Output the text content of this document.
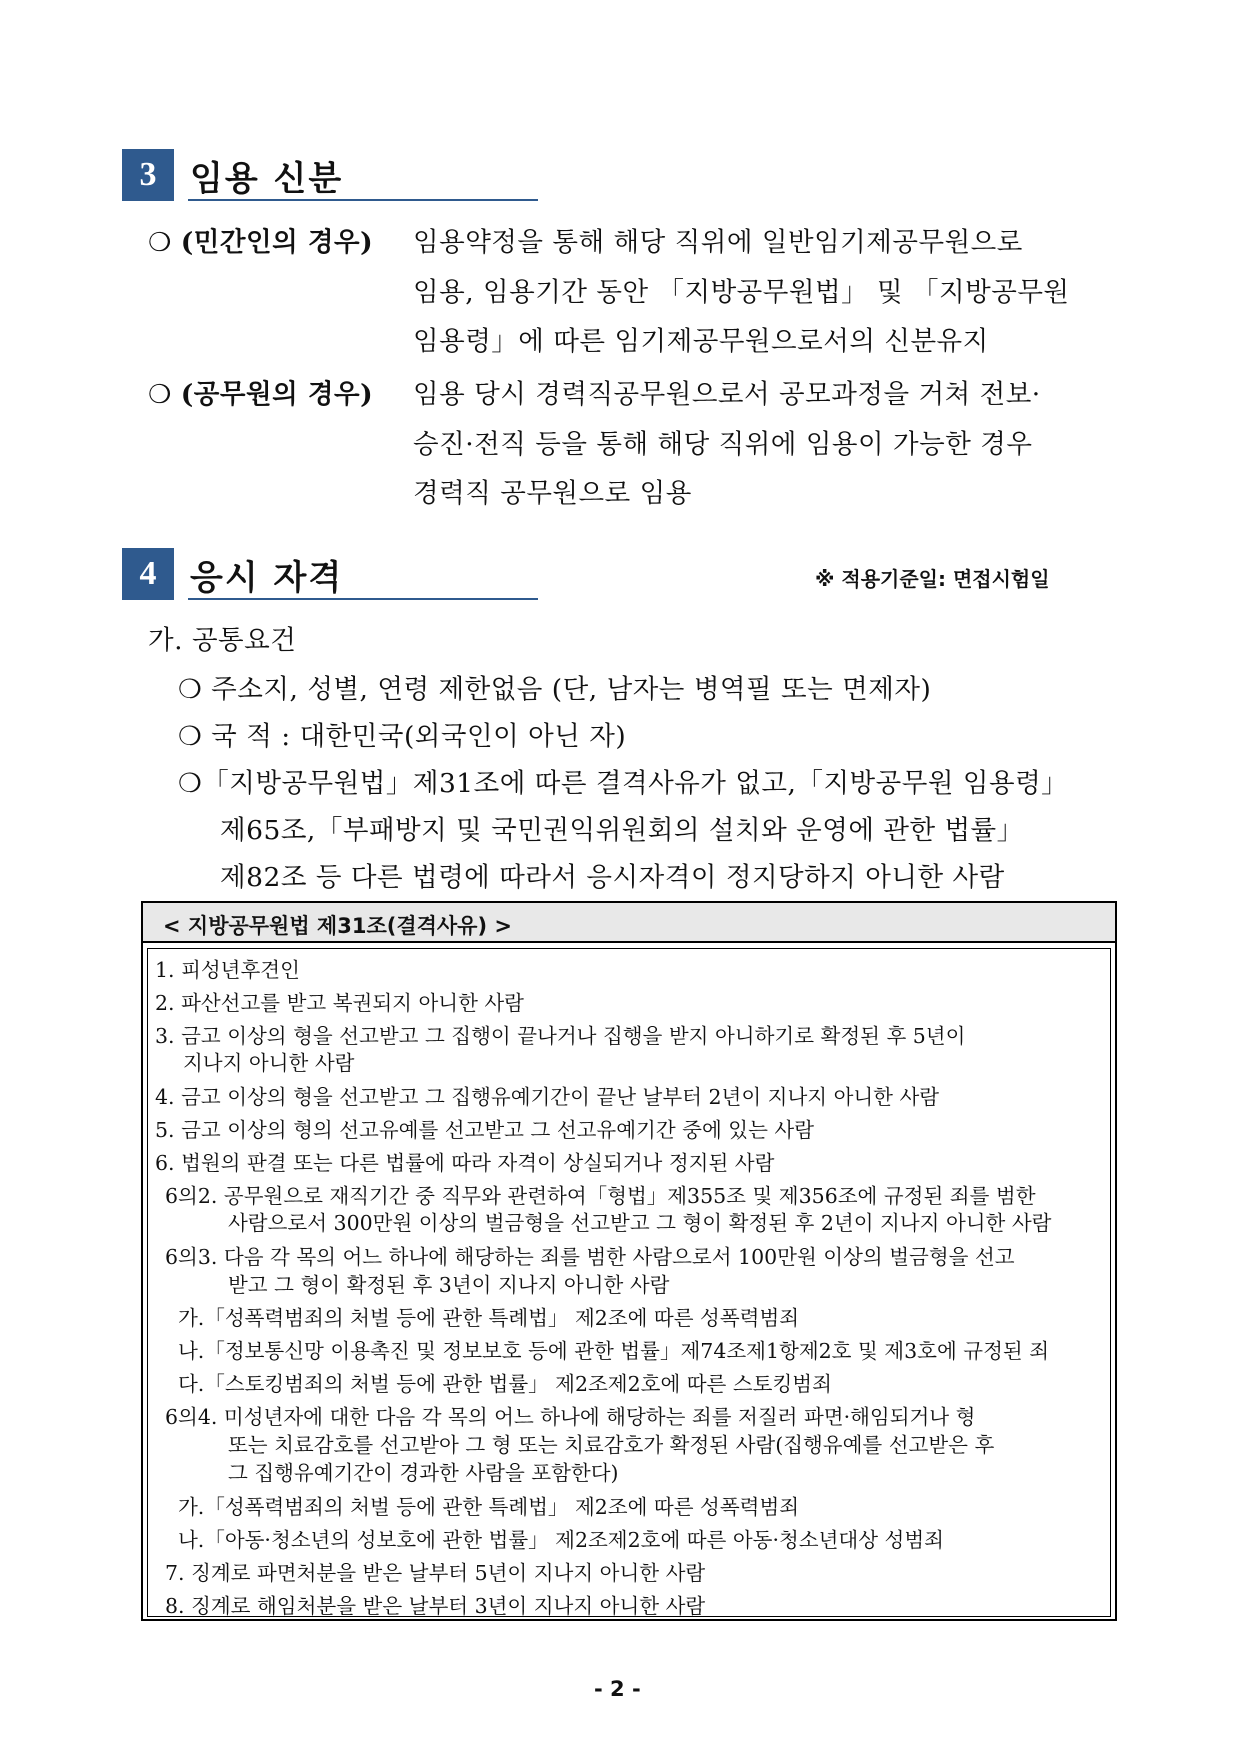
3 임용 신분
❍ (민간인의 경우) 임용약정을 통해 해당 직위에 일반임기제공무원으로
임용, 임용기간 동안 「지방공무원법」 및 「지방공무원
임용령」에 따른 임기제공무원으로서의 신분유지
❍ (공무원의 경우) 임용 당시 경력직공무원으로서 공모과정을 거쳐 전보·
승진·전직 등을 통해 해당 직위에 임용이 가능한 경우
경력직 공무원으로 임용
4 응시 자격	※ 적용기준일: 면접시험일
가. 공통요건
❍ 주소지, 성별, 연령 제한없음 (단, 남자는 병역필 또는 면제자)
❍ 국 적 : 대한민국(외국인이 아닌 자)
❍「지방공무원법」제31조에 따른 결격사유가 없고,「지방공무원 임용령」
제65조,「부패방지 및 국민권익위원회의 설치와 운영에 관한 법률」
제82조 등 다른 법령에 따라서 응시자격이 정지당하지 아니한 사람
< 지방공무원법 제31조(결격사유) >
1. 피성년후견인
2. 파산선고를 받고 복권되지 아니한 사람
3. 금고 이상의 형을 선고받고 그 집행이 끝나거나 집행을 받지 아니하기로 확정된 후 5년이
지나지 아니한 사람
4. 금고 이상의 형을 선고받고 그 집행유예기간이 끝난 날부터 2년이 지나지 아니한 사람
5. 금고 이상의 형의 선고유예를 선고받고 그 선고유예기간 중에 있는 사람
6. 법원의 판결 또는 다른 법률에 따라 자격이 상실되거나 정지된 사람
6의2. 공무원으로 재직기간 중 직무와 관련하여「형법」제355조 및 제356조에 규정된 죄를 범한
사람으로서 300만원 이상의 벌금형을 선고받고 그 형이 확정된 후 2년이 지나지 아니한 사람
6의3. 다음 각 목의 어느 하나에 해당하는 죄를 범한 사람으로서 100만원 이상의 벌금형을 선고
받고 그 형이 확정된 후 3년이 지나지 아니한 사람
가.「성폭력범죄의 처벌 등에 관한 특례법」 제2조에 따른 성폭력범죄
나.「정보통신망 이용촉진 및 정보보호 등에 관한 법률」제74조제1항제2호 및 제3호에 규정된 죄
다.「스토킹범죄의 처벌 등에 관한 법률」 제2조제2호에 따른 스토킹범죄
6의4. 미성년자에 대한 다음 각 목의 어느 하나에 해당하는 죄를 저질러 파면·해임되거나 형
또는 치료감호를 선고받아 그 형 또는 치료감호가 확정된 사람(집행유예를 선고받은 후
그 집행유예기간이 경과한 사람을 포함한다)
가.「성폭력범죄의 처벌 등에 관한 특례법」 제2조에 따른 성폭력범죄
나.「아동·청소년의 성보호에 관한 법률」 제2조제2호에 따른 아동·청소년대상 성범죄
7. 징계로 파면처분을 받은 날부터 5년이 지나지 아니한 사람
8. 징계로 해임처분을 받은 날부터 3년이 지나지 아니한 사람
- 2 -
